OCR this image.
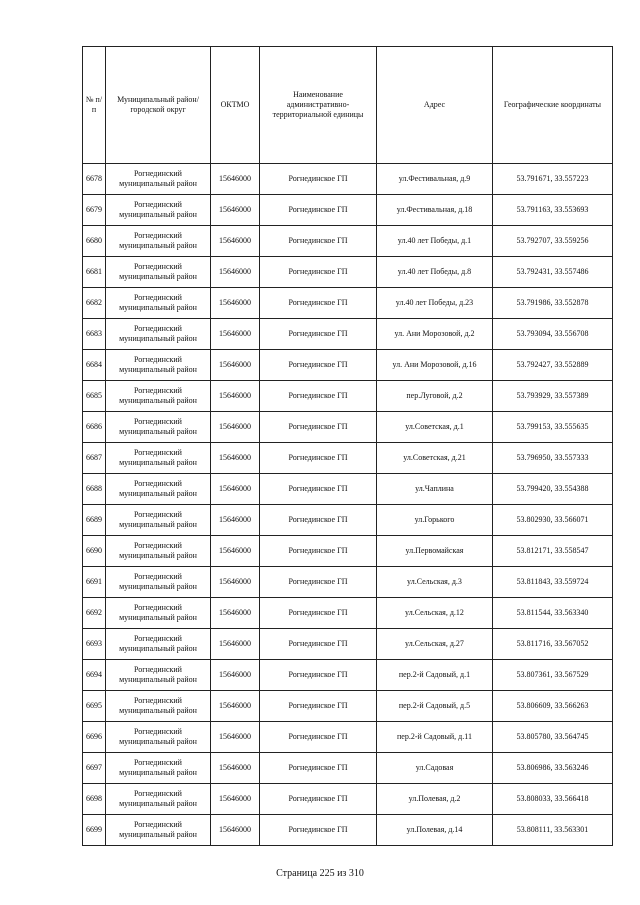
№ п/п	Муниципальный район/городской округ	ОКТМО	Наименование административно-территориальной единицы	Адрес	Географические координаты
6678	Рогнединский муниципальный район	15646000	Рогнединское ГП	ул.Фестивальная, д.9	53.791671, 33.557223
6679	Рогнединский муниципальный район	15646000	Рогнединское ГП	ул.Фестивальная, д.18	53.791163, 33.553693
6680	Рогнединский муниципальный район	15646000	Рогнединское ГП	ул.40 лет Победы, д.1	53.792707, 33.559256
6681	Рогнединский муниципальный район	15646000	Рогнединское ГП	ул.40 лет Победы, д.8	53.792431, 33.557486
6682	Рогнединский муниципальный район	15646000	Рогнединское ГП	ул.40 лет Победы, д.23	53.791986, 33.552878
6683	Рогнединский муниципальный район	15646000	Рогнединское ГП	ул. Ани Морозовой, д.2	53.793094, 33.556708
6684	Рогнединский муниципальный район	15646000	Рогнединское ГП	ул. Ани Морозовой, д.16	53.792427, 33.552889
6685	Рогнединский муниципальный район	15646000	Рогнединское ГП	пер.Луговой, д.2	53.793929, 33.557389
6686	Рогнединский муниципальный район	15646000	Рогнединское ГП	ул.Советская, д.1	53.799153, 33.555635
6687	Рогнединский муниципальный район	15646000	Рогнединское ГП	ул.Советская, д.21	53.796950, 33.557333
6688	Рогнединский муниципальный район	15646000	Рогнединское ГП	ул.Чаплина	53.799420, 33.554388
6689	Рогнединский муниципальный район	15646000	Рогнединское ГП	ул.Горького	53.802930, 33.566071
6690	Рогнединский муниципальный район	15646000	Рогнединское ГП	ул.Первомайская	53.812171, 33.558547
6691	Рогнединский муниципальный район	15646000	Рогнединское ГП	ул.Сельская, д.3	53.811843, 33.559724
6692	Рогнединский муниципальный район	15646000	Рогнединское ГП	ул.Сельская, д.12	53.811544, 33.563340
6693	Рогнединский муниципальный район	15646000	Рогнединское ГП	ул.Сельская, д.27	53.811716, 33.567052
6694	Рогнединский муниципальный район	15646000	Рогнединское ГП	пер.2-й Садовый, д.1	53.807361, 33.567529
6695	Рогнединский муниципальный район	15646000	Рогнединское ГП	пер.2-й Садовый, д.5	53.806609, 33.566263
6696	Рогнединский муниципальный район	15646000	Рогнединское ГП	пер.2-й Садовый, д.11	53.805780, 33.564745
6697	Рогнединский муниципальный район	15646000	Рогнединское ГП	ул.Садовая	53.806986, 33.563246
6698	Рогнединский муниципальный район	15646000	Рогнединское ГП	ул.Полевая, д.2	53.808033, 33.566418
6699	Рогнединский муниципальный район	15646000	Рогнединское ГП	ул.Полевая, д.14	53.808111, 33.563301
Страница 225 из 310
